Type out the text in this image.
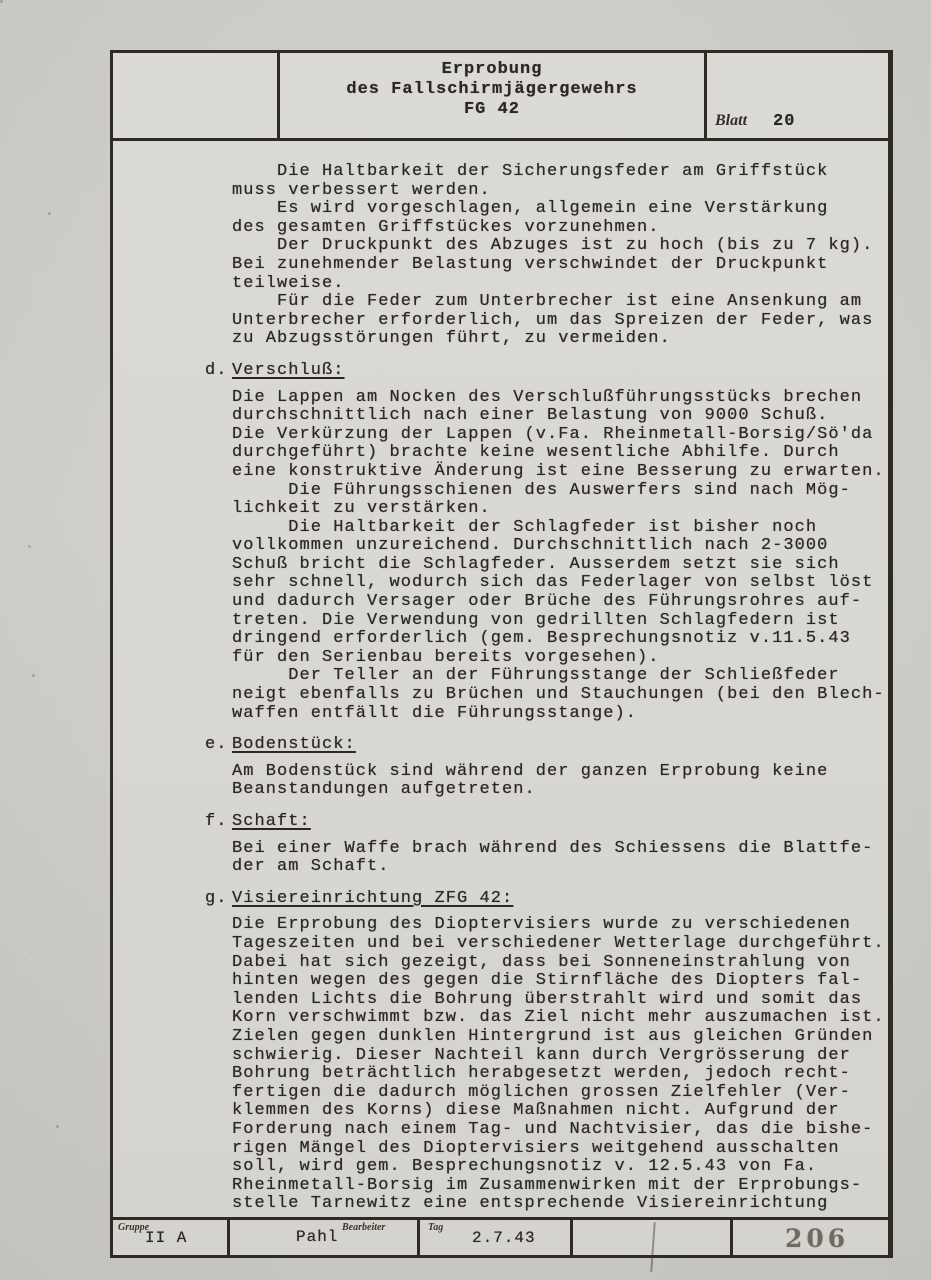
Erprobung
des Fallschirmjägergewehrs
FG 42
Blatt 20
Die Haltbarkeit der Sicherungsfeder am Griffstück
muss verbessert werden.
Es wird vorgeschlagen, allgemein eine Verstärkung
des gesamten Griffstückes vorzunehmen.
Der Druckpunkt des Abzuges ist zu hoch (bis zu 7 kg).
Bei zunehmender Belastung verschwindet der Druckpunkt
teilweise.
Für die Feder zum Unterbrecher ist eine Ansenkung am
Unterbrecher erforderlich, um das Spreizen der Feder, was
zu Abzugsstörungen führt, zu vermeiden.
d. Verschluß:
Die Lappen am Nocken des Verschlußführungsstücks brechen
durchschnittlich nach einer Belastung von 9000 Schuß.
Die Verkürzung der Lappen (v.Fa. Rheinmetall-Borsig/Sö'da
durchgeführt) brachte keine wesentliche Abhilfe. Durch
eine konstruktive Änderung ist eine Besserung zu erwarten.
Die Führungsschienen des Auswerfers sind nach Mög-
lichkeit zu verstärken.
Die Haltbarkeit der Schlagfeder ist bisher noch
vollkommen unzureichend. Durchschnittlich nach 2-3000
Schuß bricht die Schlagfeder. Ausserdem setzt sie sich
sehr schnell, wodurch sich das Federlager von selbst löst
und dadurch Versager oder Brüche des Führungsrohres auf-
treten. Die Verwendung von gedrillten Schlagfedern ist
dringend erforderlich (gem. Besprechungsnotiz v.11.5.43
für den Serienbau bereits vorgesehen).
Der Teller an der Führungsstange der Schließfeder
neigt ebenfalls zu Brüchen und Stauchungen (bei den Blech-
waffen entfällt die Führungsstange).
e. Bodenstück:
Am Bodenstück sind während der ganzen Erprobung keine
Beanstandungen aufgetreten.
f. Schaft:
Bei einer Waffe brach während des Schiessens die Blattfe-
der am Schaft.
g. Visiereinrichtung ZFG 42:
Die Erprobung des Dioptervisiers wurde zu verschiedenen
Tageszeiten und bei verschiedener Wetterlage durchgeführt.
Dabei hat sich gezeigt, dass bei Sonneneinstrahlung von
hinten wegen des gegen die Stirnfläche des Diopters fal-
lenden Lichts die Bohrung überstrahlt wird und somit das
Korn verschwimmt bzw. das Ziel nicht mehr auszumachen ist.
Zielen gegen dunklen Hintergrund ist aus gleichen Gründen
schwierig. Dieser Nachteil kann durch Vergrösserung der
Bohrung beträchtlich herabgesetzt werden, jedoch recht-
fertigen die dadurch möglichen grossen Zielfehler (Ver-
klemmen des Korns) diese Maßnahmen nicht. Aufgrund der
Forderung nach einem Tag- und Nachtvisier, das die bishe-
rigen Mängel des Dioptervisiers weitgehend ausschalten
soll, wird gem. Besprechungsnotiz v. 12.5.43 von Fa.
Rheinmetall-Borsig im Zusammenwirken mit der Erprobungs-
stelle Tarnewitz eine entsprechende Visiereinrichtung
Gruppe
II A
Bearbeiter
Pahl
Tag
2.7.43	206
